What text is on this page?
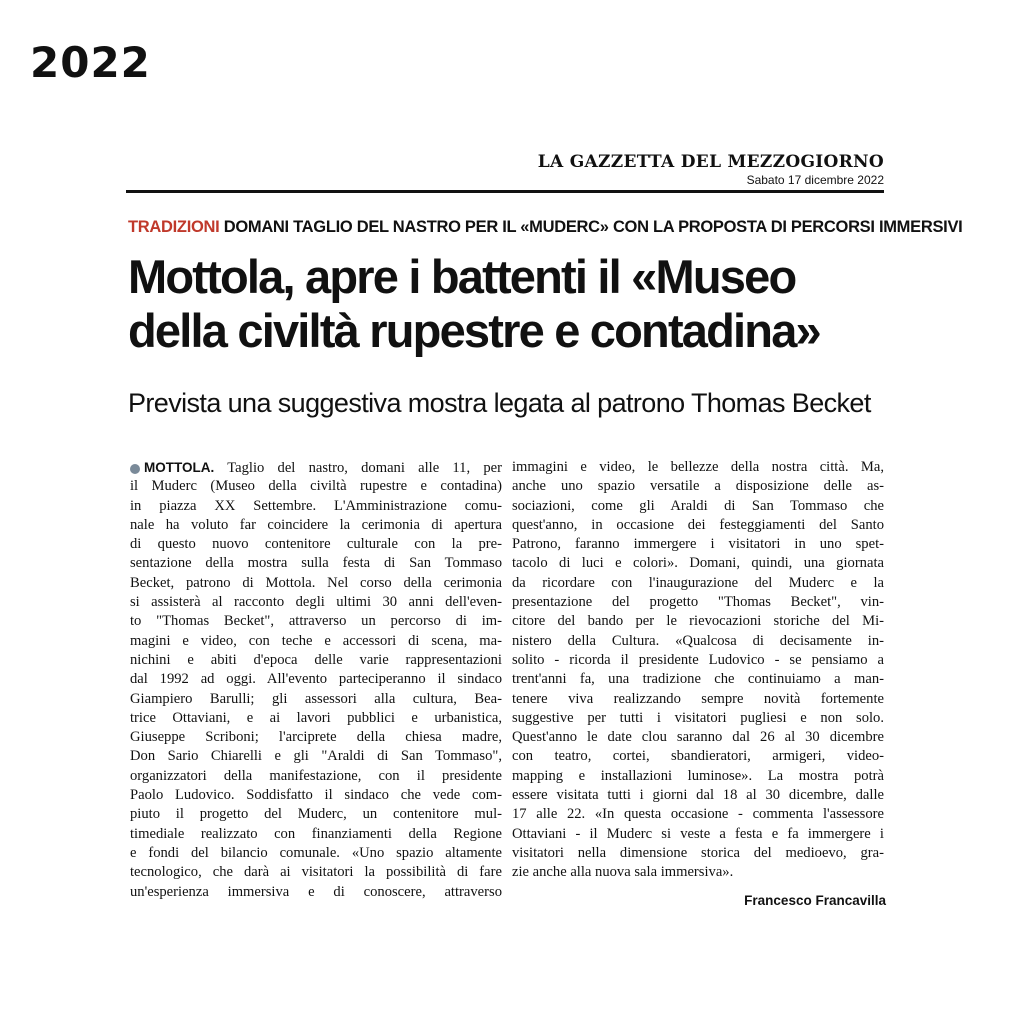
2022
LA GAZZETTA DEL MEZZOGIORNO
Sabato 17 dicembre 2022
TRADIZIONI DOMANI TAGLIO DEL NASTRO PER IL «MUDERC» CON LA PROPOSTA DI PERCORSI IMMERSIVI
Mottola, apre i battenti il «Museo
della civiltà rupestre e contadina»
Prevista una suggestiva mostra legata al patrono Thomas Becket
MOTTOLA. Taglio del nastro, domani alle 11, per
il Muderc (Museo della civiltà rupestre e contadina)
in piazza XX Settembre. L'Amministrazione comu-
nale ha voluto far coincidere la cerimonia di apertura
di questo nuovo contenitore culturale con la pre-
sentazione della mostra sulla festa di San Tommaso
Becket, patrono di Mottola. Nel corso della cerimonia
si assisterà al racconto degli ultimi 30 anni dell'even-
to "Thomas Becket", attraverso un percorso di im-
magini e video, con teche e accessori di scena, ma-
nichini e abiti d'epoca delle varie rappresentazioni
dal 1992 ad oggi. All'evento parteciperanno il sindaco
Giampiero Barulli; gli assessori alla cultura, Bea-
trice Ottaviani, e ai lavori pubblici e urbanistica,
Giuseppe Scriboni; l'arciprete della chiesa madre,
Don Sario Chiarelli e gli "Araldi di San Tommaso",
organizzatori della manifestazione, con il presidente
Paolo Ludovico. Soddisfatto il sindaco che vede com-
piuto il progetto del Muderc, un contenitore mul-
timediale realizzato con finanziamenti della Regione
e fondi del bilancio comunale. «Uno spazio altamente
tecnologico, che darà ai visitatori la possibilità di fare
un'esperienza immersiva e di conoscere, attraverso
immagini e video, le bellezze della nostra città. Ma,
anche uno spazio versatile a disposizione delle as-
sociazioni, come gli Araldi di San Tommaso che
quest'anno, in occasione dei festeggiamenti del Santo
Patrono, faranno immergere i visitatori in uno spet-
tacolo di luci e colori». Domani, quindi, una giornata
da ricordare con l'inaugurazione del Muderc e la
presentazione del progetto "Thomas Becket", vin-
citore del bando per le rievocazioni storiche del Mi-
nistero della Cultura. «Qualcosa di decisamente in-
solito - ricorda il presidente Ludovico - se pensiamo a
trent'anni fa, una tradizione che continuiamo a man-
tenere viva realizzando sempre novità fortemente
suggestive per tutti i visitatori pugliesi e non solo.
Quest'anno le date clou saranno dal 26 al 30 dicembre
con teatro, cortei, sbandieratori, armigeri, video-
mapping e installazioni luminose». La mostra potrà
essere visitata tutti i giorni dal 18 al 30 dicembre, dalle
17 alle 22. «In questa occasione - commenta l'assessore
Ottaviani - il Muderc si veste a festa e fa immergere i
visitatori nella dimensione storica del medioevo, gra-
zie anche alla nuova sala immersiva».
Francesco Francavilla
